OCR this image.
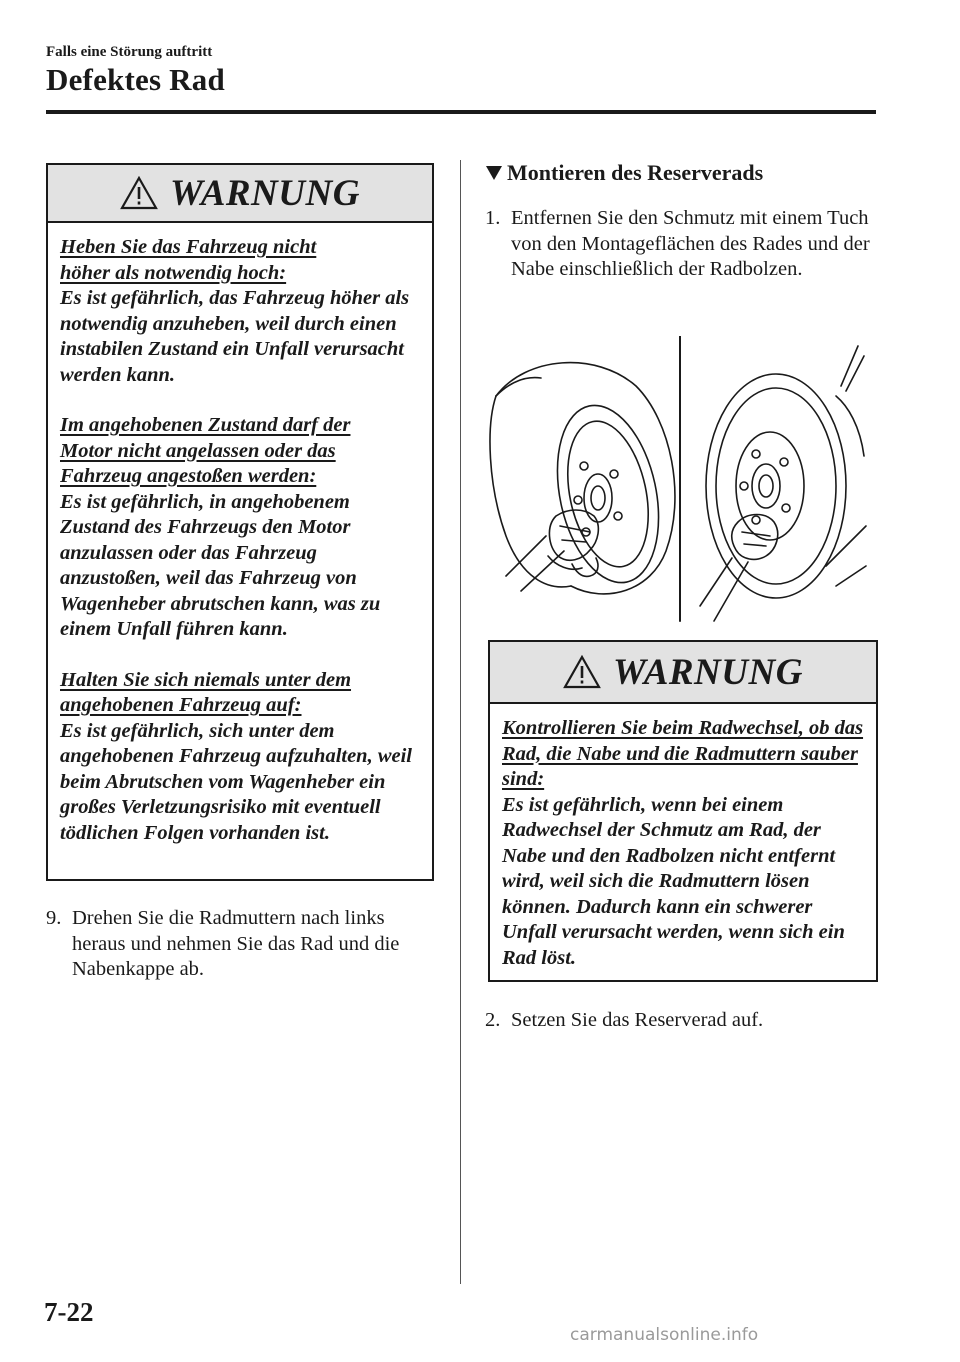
Falls eine Störung auftritt
Defektes Rad
WARNUNG

Heben Sie das Fahrzeug nicht höher als notwendig hoch:

Es ist gefährlich, das Fahrzeug höher als notwendig anzuheben, weil durch einen instabilen Zustand ein Unfall verursacht werden kann.

Im angehobenen Zustand darf der Motor nicht angelassen oder das Fahrzeug angestoßen werden:

Es ist gefährlich, in angehobenem Zustand des Fahrzeugs den Motor anzulassen oder das Fahrzeug anzustoßen, weil das Fahrzeug von Wagenheber abrutschen kann, was zu einem Unfall führen kann.

Halten Sie sich niemals unter dem angehobenen Fahrzeug auf:

Es ist gefährlich, sich unter dem angehobenen Fahrzeug aufzuhalten, weil beim Abrutschen vom Wagenheber ein großes Verletzungsrisiko mit eventuell tödlichen Folgen vorhanden ist.

9. Drehen Sie die Radmuttern nach links heraus und nehmen Sie das Rad und die Nabenkappe ab.
Montieren des Reserverads
1. Entfernen Sie den Schmutz mit einem Tuch von den Montageflächen des Rades und der Nabe einschließlich der Radbolzen.
WARNUNG

Kontrollieren Sie beim Radwechsel, ob das Rad, die Nabe und die Radmuttern sauber sind:

Es ist gefährlich, wenn bei einem Radwechsel der Schmutz am Rad, der Nabe und den Radbolzen nicht entfernt wird, weil sich die Radmuttern lösen können. Dadurch kann ein schwerer Unfall verursacht werden, wenn sich ein Rad löst.

2. Setzen Sie das Reserverad auf.
7-22
carmanualsonline.info
